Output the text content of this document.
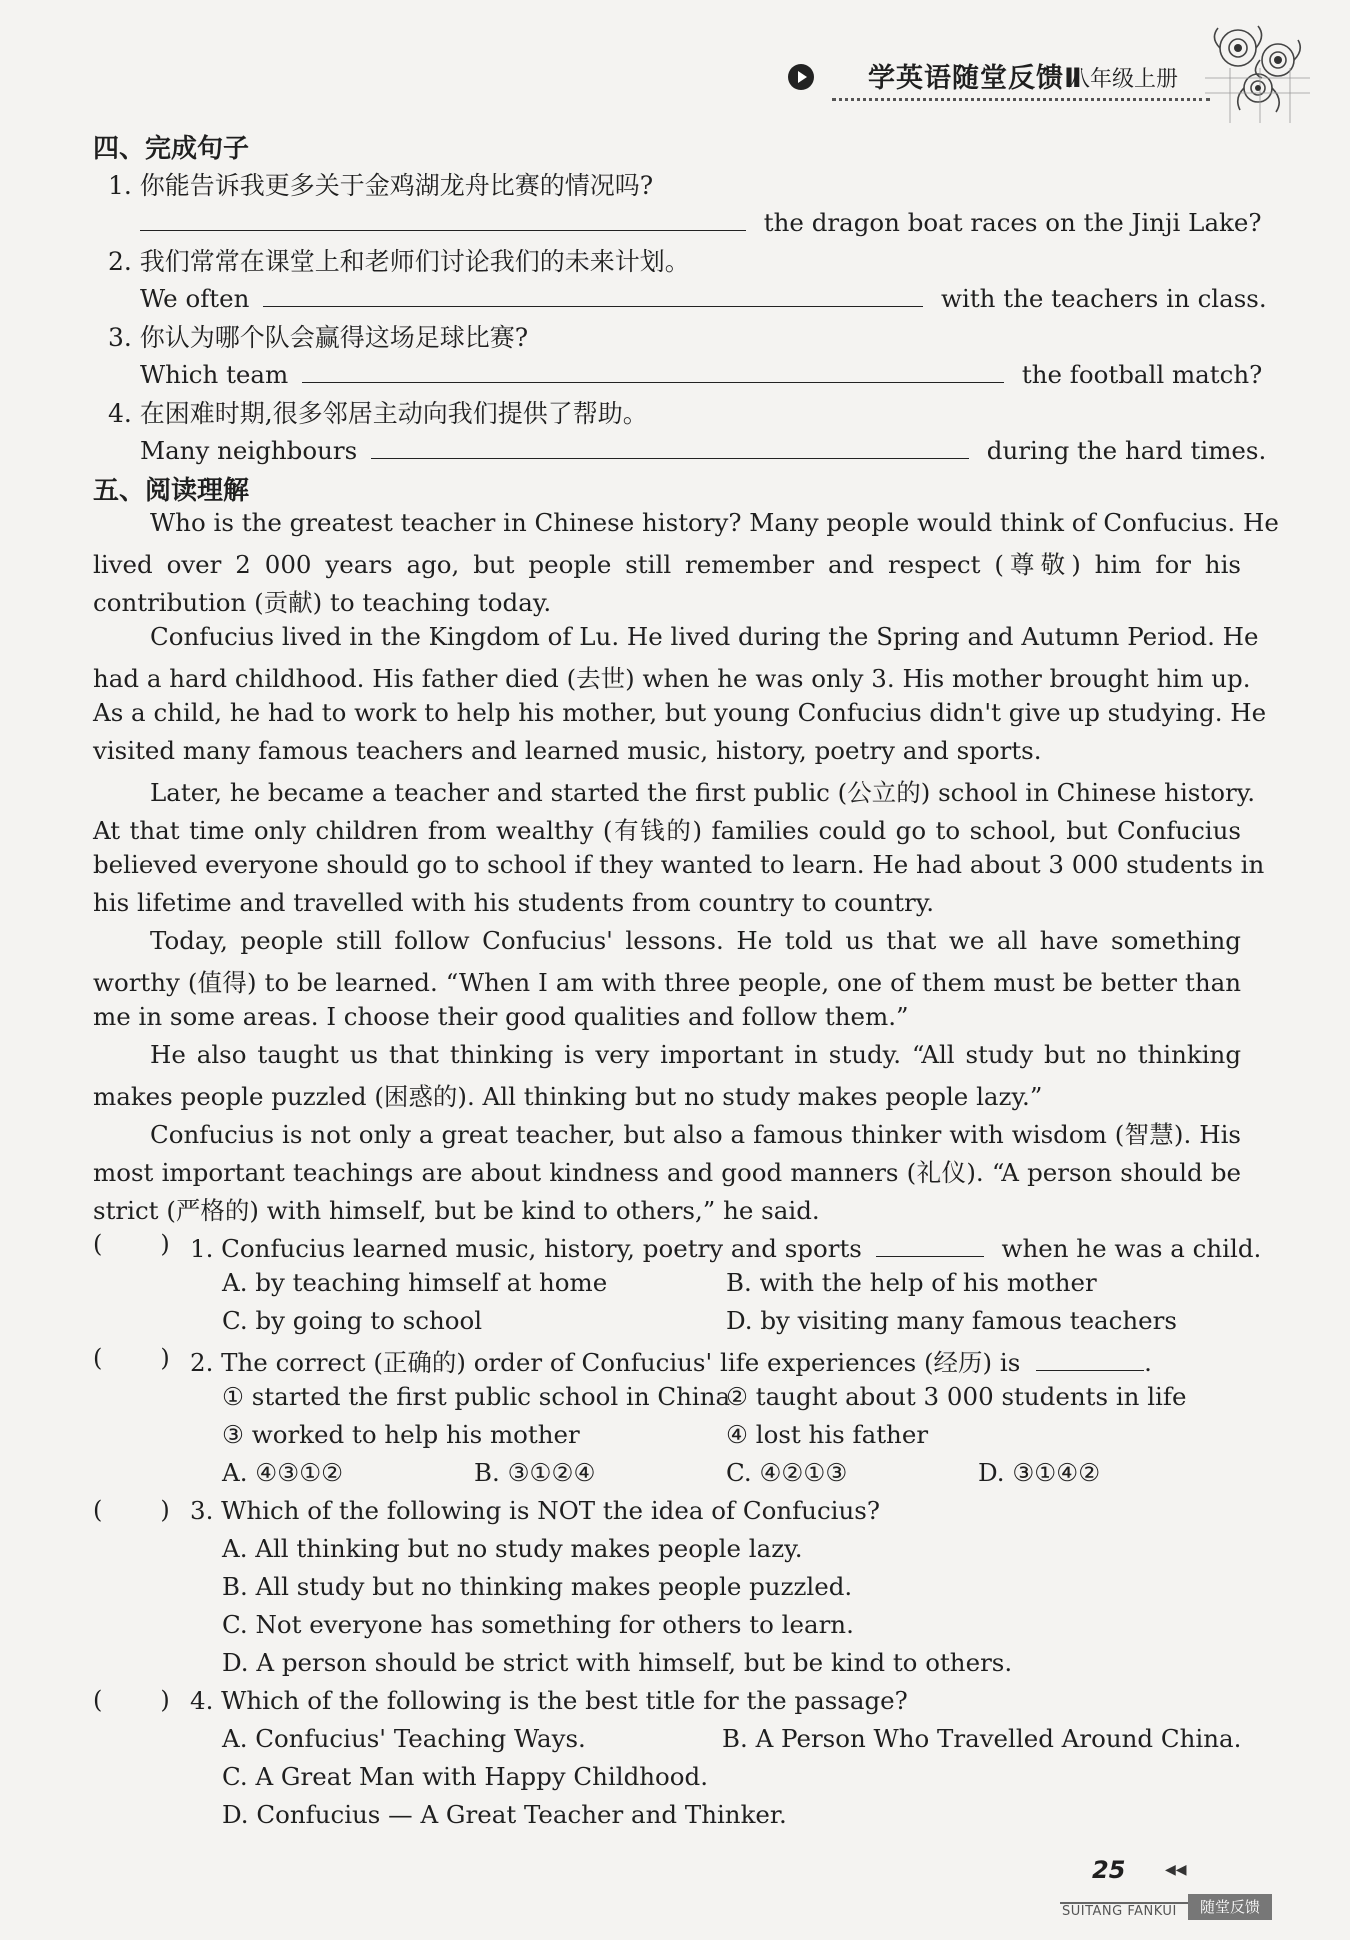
学英语随堂反馈Ⅱ
八年级上册
四、完成句子
1. 你能告诉我更多关于金鸡湖龙舟比赛的情况吗?
the dragon boat races on the Jinji Lake?
2. 我们常常在课堂上和老师们讨论我们的未来计划。
We often	with the teachers in class.
3. 你认为哪个队会赢得这场足球比赛?
Which team	the football match?
4. 在困难时期,很多邻居主动向我们提供了帮助。
Many neighbours	during the hard times.
五、阅读理解
Who is the greatest teacher in Chinese history? Many people would think of Confucius. He
lived over 2 000 years ago, but people still remember and respect (尊敬) him for his
contribution (贡献) to teaching today.
Confucius lived in the Kingdom of Lu. He lived during the Spring and Autumn Period. He
had a hard childhood. His father died (去世) when he was only 3. His mother brought him up.
As a child, he had to work to help his mother, but young Confucius didn't give up studying. He
visited many famous teachers and learned music, history, poetry and sports.
Later, he became a teacher and started the first public (公立的) school in Chinese history.
At that time only children from wealthy (有钱的) families could go to school, but Confucius
believed everyone should go to school if they wanted to learn. He had about 3 000 students in
his lifetime and travelled with his students from country to country.
Today, people still follow Confucius' lessons. He told us that we all have something
worthy (值得) to be learned. “When I am with three people, one of them must be better than
me in some areas. I choose their good qualities and follow them.”
He also taught us that thinking is very important in study. “All study but no thinking
makes people puzzled (困惑的). All thinking but no study makes people lazy.”
Confucius is not only a great teacher, but also a famous thinker with wisdom (智慧). His
most important teachings are about kindness and good manners (礼仪). “A person should be
strict (严格的) with himself, but be kind to others,” he said.
( ) 1. Confucius learned music, history, poetry and sports	when he was a child.
A. by teaching himself at home	B. with the help of his mother
C. by going to school	D. by visiting many famous teachers
( ) 2. The correct (正确的) order of Confucius' life experiences (经历) is	.
① started the first public school in China
② taught about 3 000 students in life
③ worked to help his mother	④ lost his father
A. ④③①②	B. ③①②④	C. ④②①③	D. ③①④②
( ) 3. Which of the following is NOT the idea of Confucius?
A. All thinking but no study makes people lazy.
B. All study but no thinking makes people puzzled.
C. Not everyone has something for others to learn.
D. A person should be strict with himself, but be kind to others.
( ) 4. Which of the following is the best title for the passage?
A. Confucius' Teaching Ways.	B. A Person Who Travelled Around China.
C. A Great Man with Happy Childhood.
D. Confucius — A Great Teacher and Thinker.
25	◀◀
SUITANG FANKUI	随堂反馈
